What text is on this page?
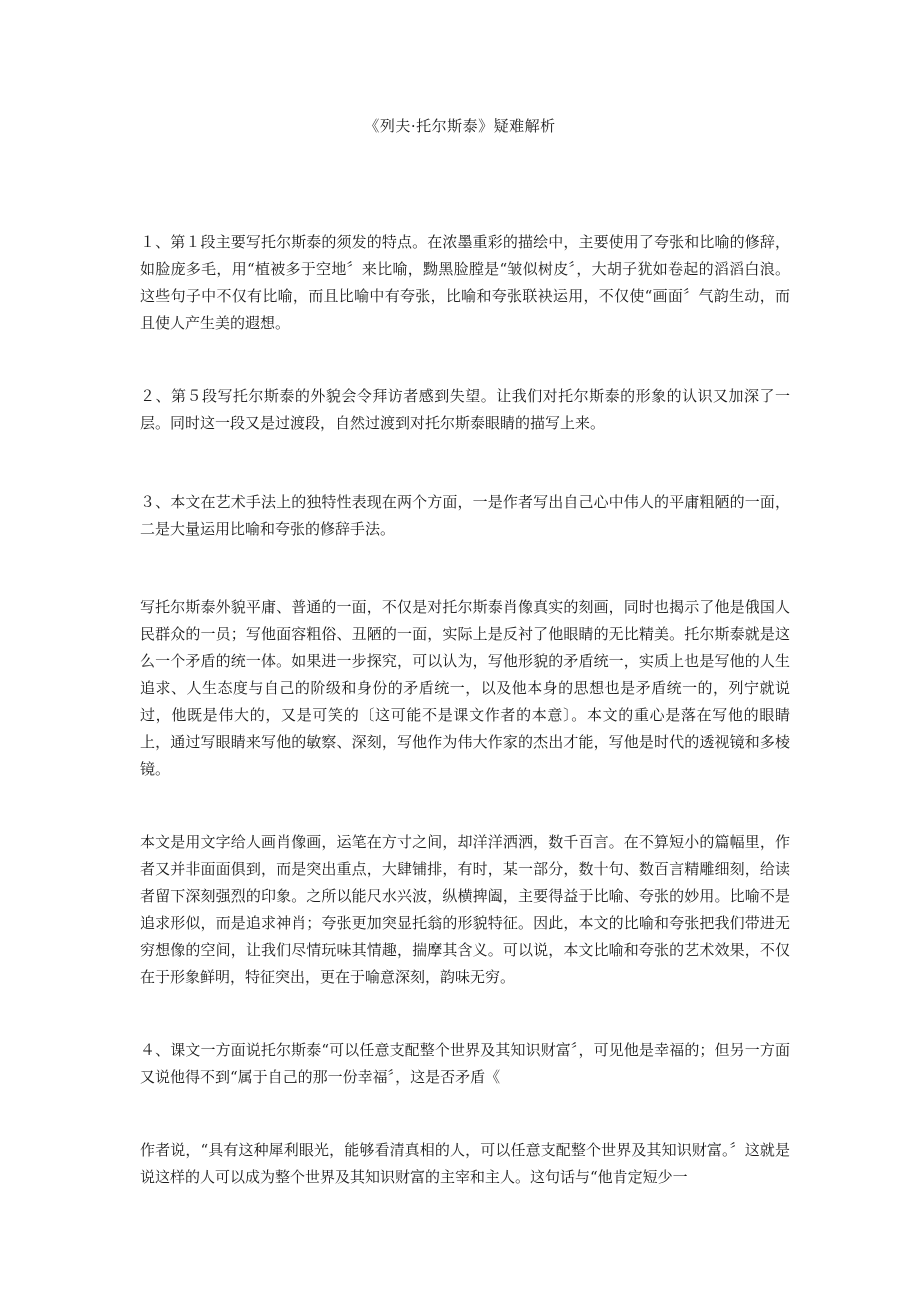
《列夫·托尔斯泰》疑难解析

１、第１段主要写托尔斯泰的须发的特点。在浓墨重彩的描绘中，主要使用了夸张和比喻的修辞，如脸庞多毛，用“植被多于空地〞来比喻，黝黑脸膛是“皱似树皮〞，大胡子犹如卷起的滔滔白浪。这些句子中不仅有比喻，而且比喻中有夸张，比喻和夸张联袂运用，不仅使“画面〞气韵生动，而且使人产生美的遐想。

２、第５段写托尔斯泰的外貌会令拜访者感到失望。让我们对托尔斯泰的形象的认识又加深了一层。同时这一段又是过渡段，自然过渡到对托尔斯泰眼睛的描写上来。

３、本文在艺术手法上的独特性表现在两个方面，一是作者写出自己心中伟人的平庸粗陋的一面，二是大量运用比喻和夸张的修辞手法。

写托尔斯泰外貌平庸、普通的一面，不仅是对托尔斯泰肖像真实的刻画，同时也揭示了他是俄国人民群众的一员；写他面容粗俗、丑陋的一面，实际上是反衬了他眼睛的无比精美。托尔斯泰就是这么一个矛盾的统一体。如果进一步探究，可以认为，写他形貌的矛盾统一，实质上也是写他的人生追求、人生态度与自己的阶级和身份的矛盾统一，以及他本身的思想也是矛盾统一的，列宁就说过，他既是伟大的，又是可笑的〔这可能不是课文作者的本意〕。本文的重心是落在写他的眼睛上，通过写眼睛来写他的敏察、深刻，写他作为伟大作家的杰出才能，写他是时代的透视镜和多棱镜。

本文是用文字给人画肖像画，运笔在方寸之间，却洋洋洒洒，数千百言。在不算短小的篇幅里，作者又并非面面俱到，而是突出重点，大肆铺排，有时，某一部分，数十句、数百言精雕细刻，给读者留下深刻强烈的印象。之所以能尺水兴波，纵横捭阖，主要得益于比喻、夸张的妙用。比喻不是追求形似，而是追求神肖；夸张更加突显托翁的形貌特征。因此，本文的比喻和夸张把我们带进无穷想像的空间，让我们尽情玩味其情趣，揣摩其含义。可以说，本文比喻和夸张的艺术效果，不仅在于形象鲜明，特征突出，更在于喻意深刻，韵味无穷。

４、课文一方面说托尔斯泰“可以任意支配整个世界及其知识财富〞，可见他是幸福的；但另一方面又说他得不到“属于自己的那一份幸福〞，这是否矛盾《

作者说，“具有这种犀利眼光，能够看清真相的人，可以任意支配整个世界及其知识财富。〞这就是说这样的人可以成为整个世界及其知识财富的主宰和主人。这句话与“他肯定短少一
